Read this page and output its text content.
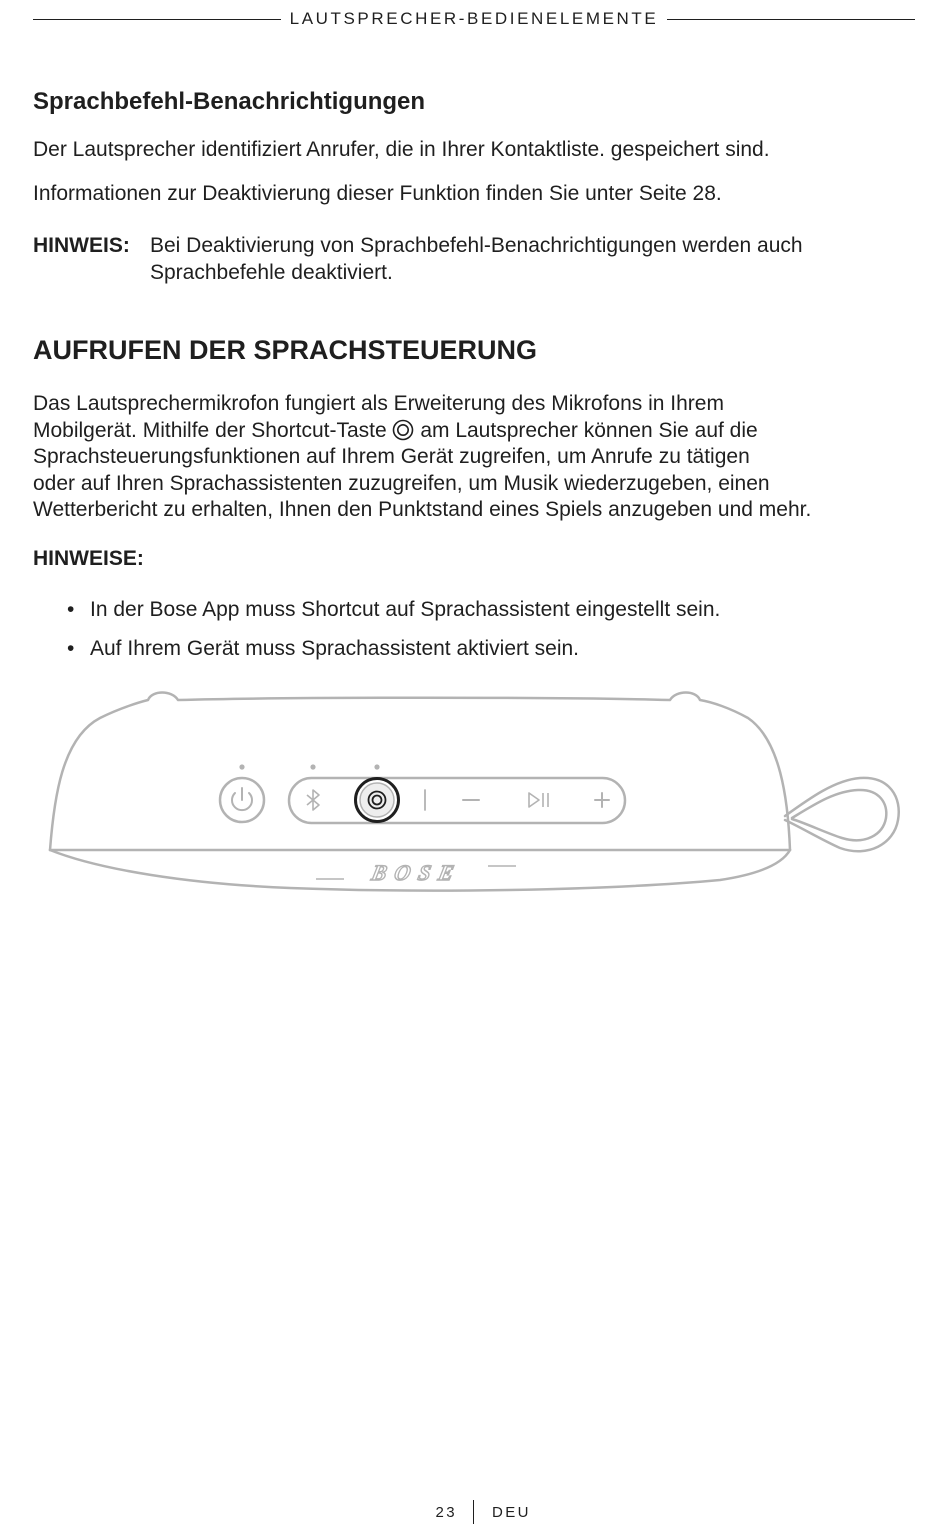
LAUTSPRECHER-BEDIENELEMENTE
Sprachbefehl-Benachrichtigungen

Der Lautsprecher identifiziert Anrufer, die in Ihrer Kontaktliste. gespeichert sind.

Informationen zur Deaktivierung dieser Funktion finden Sie unter Seite 28.

HINWEIS: Bei Deaktivierung von Sprachbefehl-Benachrichtigungen werden auch
Sprachbefehle deaktiviert.
AUFRUFEN DER SPRACHSTEUERUNG
Das Lautsprechermikrofon fungiert als Erweiterung des Mikrofons in Ihrem
Mobilgerät. Mithilfe der Shortcut-Taste  am Lautsprecher können Sie auf die
Sprachsteuerungsfunktionen auf Ihrem Gerät zugreifen, um Anrufe zu tätigen
oder auf Ihren Sprachassistenten zuzugreifen, um Musik wiederzugeben, einen
Wetterbericht zu erhalten, Ihnen den Punktstand eines Spiels anzugeben und mehr.
HINWEISE:
• In der Bose App muss Shortcut auf Sprachassistent eingestellt sein.
• Auf Ihrem Gerät muss Sprachassistent aktiviert sein.
BOSE
23 DEU
